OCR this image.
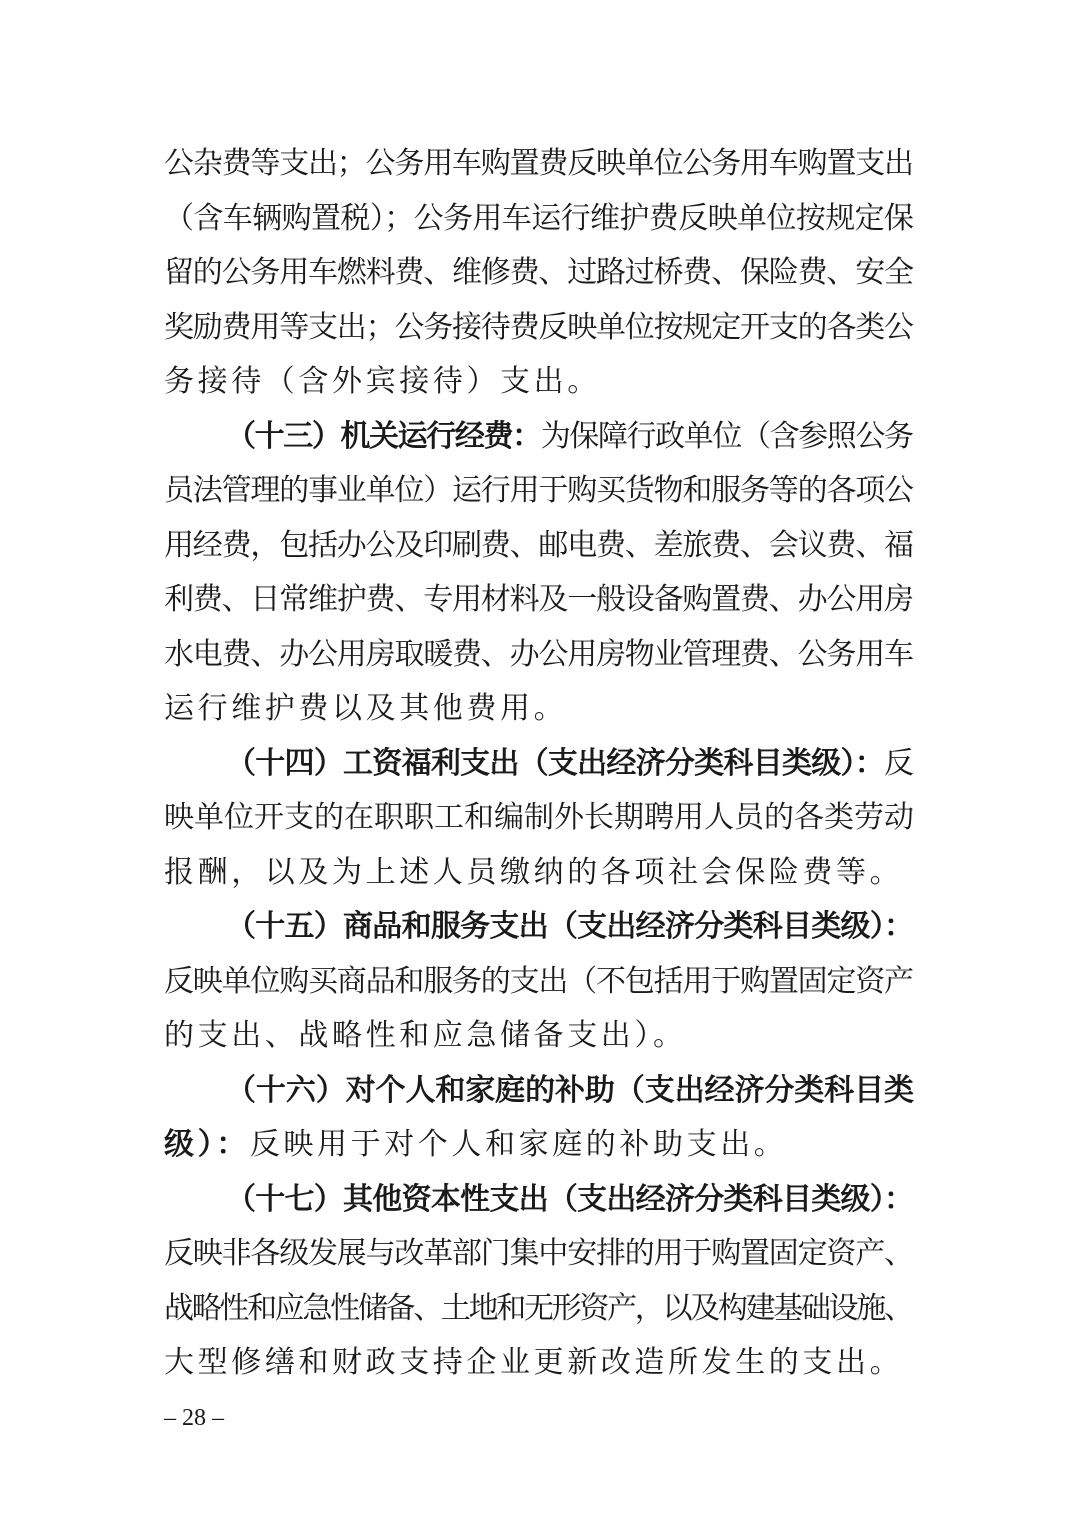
公杂费等支出；公务用车购置费反映单位公务用车购置支出
（含车辆购置税）；公务用车运行维护费反映单位按规定保
留的公务用车燃料费、维修费、过路过桥费、保险费、安全
奖励费用等支出；公务接待费反映单位按规定开支的各类公
务接待（含外宾接待）支出。
（十三）机关运行经费：为保障行政单位（含参照公务
员法管理的事业单位）运行用于购买货物和服务等的各项公
用经费，包括办公及印刷费、邮电费、差旅费、会议费、福
利费、日常维护费、专用材料及一般设备购置费、办公用房
水电费、办公用房取暖费、办公用房物业管理费、公务用车
运行维护费以及其他费用。
（十四）工资福利支出（支出经济分类科目类级）：反
映单位开支的在职职工和编制外长期聘用人员的各类劳动
报酬，以及为上述人员缴纳的各项社会保险费等。
（十五）商品和服务支出（支出经济分类科目类级）：
反映单位购买商品和服务的支出（不包括用于购置固定资产
的支出、战略性和应急储备支出）。
（十六）对个人和家庭的补助（支出经济分类科目类
级）：反映用于对个人和家庭的补助支出。
（十七）其他资本性支出（支出经济分类科目类级）：
反映非各级发展与改革部门集中安排的用于购置固定资产、
战略性和应急性储备、土地和无形资产，以及构建基础设施、
大型修缮和财政支持企业更新改造所发生的支出。
– 28 –
